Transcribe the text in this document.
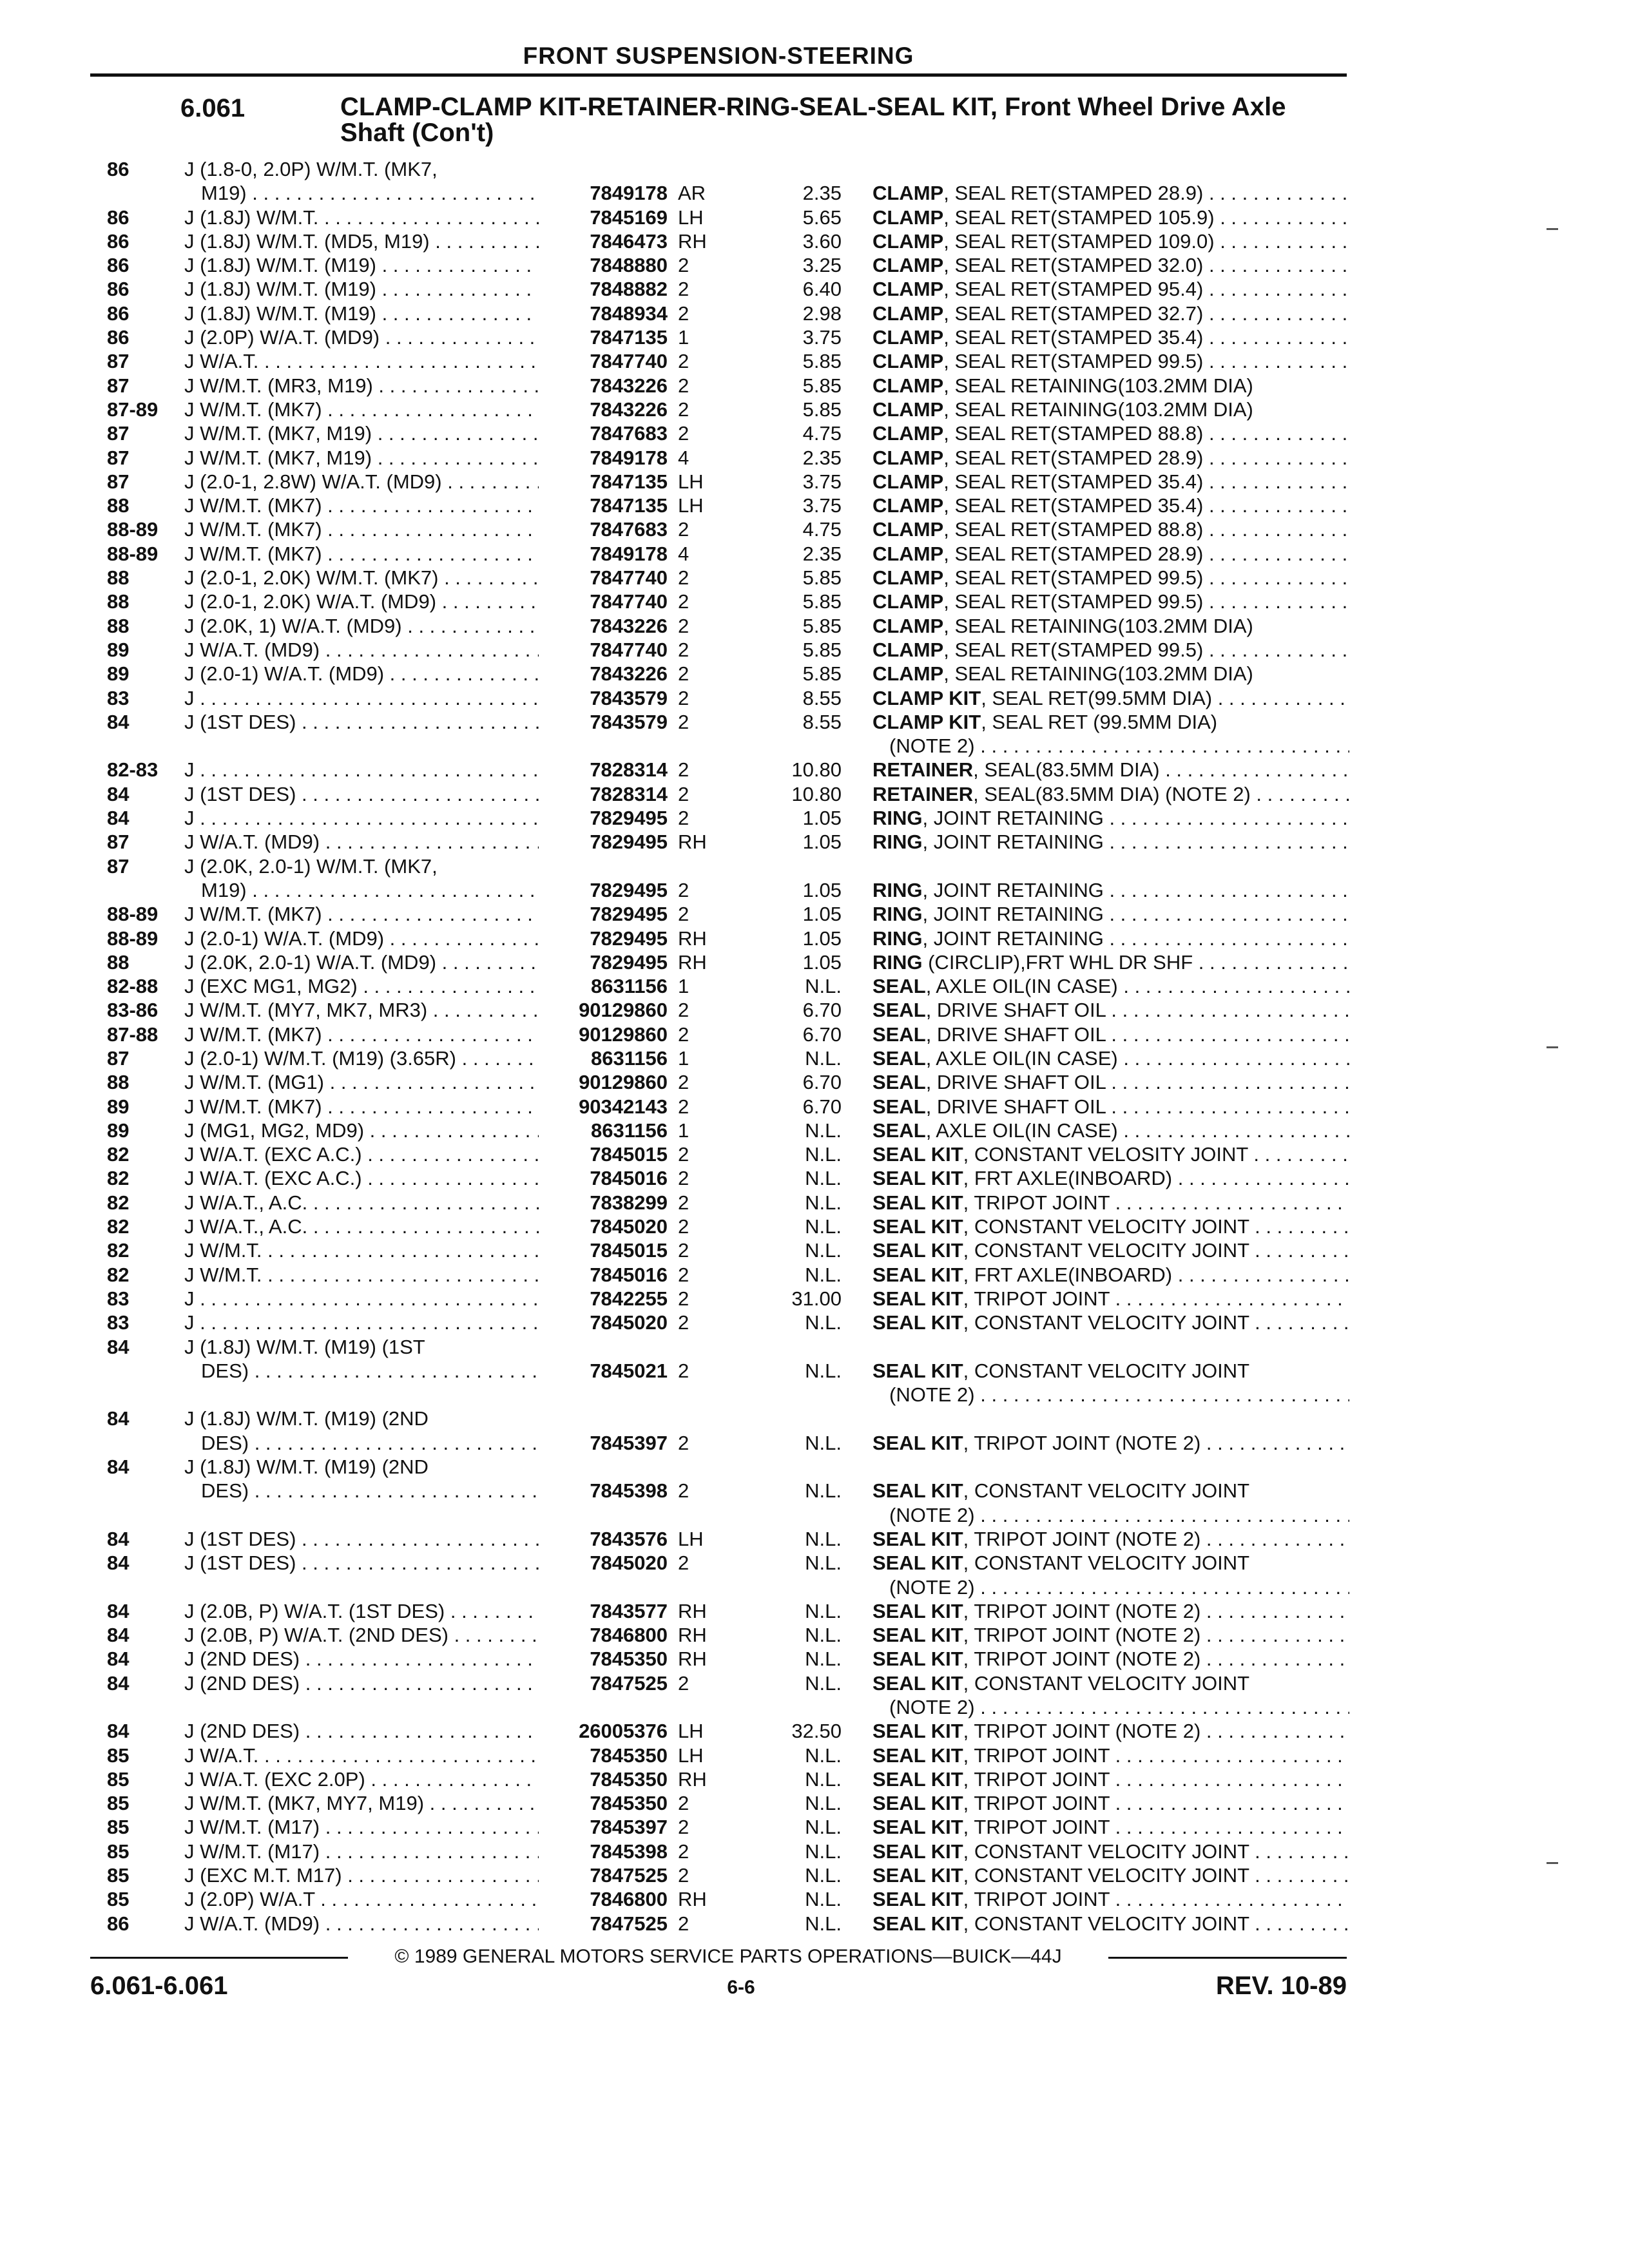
FRONT SUSPENSION-STEERING
6.061	CLAMP-CLAMP KIT-RETAINER-RING-SEAL-SEAL KIT, Front Wheel Drive Axle Shaft (Con't)
86	J (1.8-0, 2.0P) W/M.T. (MK7,
M19) . . .	7849178 AR	2.35 CLAMP, SEAL RET(STAMPED 28.9) . . .
86	J (1.8J) W/M.T. . . .	7845169 LH	5.65 CLAMP, SEAL RET(STAMPED 105.9) . . .
86	J (1.8J) W/M.T. (MD5, M19) . . .	7846473 RH	3.60 CLAMP, SEAL RET(STAMPED 109.0) . . .
86	J (1.8J) W/M.T. (M19) . . .	7848880 2	3.25 CLAMP, SEAL RET(STAMPED 32.0) . . .
86	J (1.8J) W/M.T. (M19) . . .	7848882 2	6.40 CLAMP, SEAL RET(STAMPED 95.4) . . .
86	J (1.8J) W/M.T. (M19) . . .	7848934 2	2.98 CLAMP, SEAL RET(STAMPED 32.7) . . .
86	J (2.0P) W/A.T. (MD9) . . .	7847135 1	3.75 CLAMP, SEAL RET(STAMPED 35.4) . . .
87	J W/A.T. . . .	7847740 2	5.85 CLAMP, SEAL RET(STAMPED 99.5) . . .
87	J W/M.T. (MR3, M19) . . .	7843226 2	5.85 CLAMP, SEAL RETAINING(103.2MM DIA)
87-89	J W/M.T. (MK7) . . .	7843226 2	5.85 CLAMP, SEAL RETAINING(103.2MM DIA)
87	J W/M.T. (MK7, M19) . . .	7847683 2	4.75 CLAMP, SEAL RET(STAMPED 88.8) . . .
87	J W/M.T. (MK7, M19) . . .	7849178 4	2.35 CLAMP, SEAL RET(STAMPED 28.9) . . .
87	J (2.0-1, 2.8W) W/A.T. (MD9) . . .	7847135 LH	3.75 CLAMP, SEAL RET(STAMPED 35.4) . . .
88	J W/M.T. (MK7) . . .	7847135 LH	3.75 CLAMP, SEAL RET(STAMPED 35.4) . . .
88-89	J W/M.T. (MK7) . . .	7847683 2	4.75 CLAMP, SEAL RET(STAMPED 88.8) . . .
88-89	J W/M.T. (MK7) . . .	7849178 4	2.35 CLAMP, SEAL RET(STAMPED 28.9) . . .
88	J (2.0-1, 2.0K) W/M.T. (MK7) . . .	7847740 2	5.85 CLAMP, SEAL RET(STAMPED 99.5) . . .
88	J (2.0-1, 2.0K) W/A.T. (MD9) . . .	7847740 2	5.85 CLAMP, SEAL RET(STAMPED 99.5) . . .
88	J (2.0K, 1) W/A.T. (MD9) . . .	7843226 2	5.85 CLAMP, SEAL RETAINING(103.2MM DIA)
89	J W/A.T. (MD9) . . .	7847740 2	5.85 CLAMP, SEAL RET(STAMPED 99.5) . . .
89	J (2.0-1) W/A.T. (MD9) . . .	7843226 2	5.85 CLAMP, SEAL RETAINING(103.2MM DIA)
83	J . . .	7843579 2	8.55 CLAMP KIT, SEAL RET(99.5MM DIA) . . .
84	J (1ST DES) . . .	7843579 2	8.55 CLAMP KIT, SEAL RET (99.5MM DIA)
(NOTE 2) . . .
82-83	J . . .	7828314 2	10.80 RETAINER, SEAL(83.5MM DIA) . . .
84	J (1ST DES) . . .	7828314 2	10.80 RETAINER, SEAL(83.5MM DIA) (NOTE 2) . . .
84	J . . .	7829495 2	1.05 RING, JOINT RETAINING . . .
87	J W/A.T. (MD9) . . .	7829495 RH	1.05 RING, JOINT RETAINING . . .
87	J (2.0K, 2.0-1) W/M.T. (MK7,
M19) . . .	7829495 2	1.05 RING, JOINT RETAINING . . .
88-89	J W/M.T. (MK7) . . .	7829495 2	1.05 RING, JOINT RETAINING . . .
88-89	J (2.0-1) W/A.T. (MD9) . . .	7829495 RH	1.05 RING, JOINT RETAINING . . .
88	J (2.0K, 2.0-1) W/A.T. (MD9) . . .	7829495 RH	1.05 RING (CIRCLIP),FRT WHL DR SHF . . .
82-88	J (EXC MG1, MG2) . . .	8631156 1	N.L. SEAL, AXLE OIL(IN CASE) . . .
83-86	J W/M.T. (MY7, MK7, MR3) . . .	90129860 2	6.70 SEAL, DRIVE SHAFT OIL . . .
87-88	J W/M.T. (MK7) . . .	90129860 2	6.70 SEAL, DRIVE SHAFT OIL . . .
87	J (2.0-1) W/M.T. (M19) (3.65R) . . .	8631156 1	N.L. SEAL, AXLE OIL(IN CASE) . . .
88	J W/M.T. (MG1) . . .	90129860 2	6.70 SEAL, DRIVE SHAFT OIL . . .
89	J W/M.T. (MK7) . . .	90342143 2	6.70 SEAL, DRIVE SHAFT OIL . . .
89	J (MG1, MG2, MD9) . . .	8631156 1	N.L. SEAL, AXLE OIL(IN CASE) . . .
82	J W/A.T. (EXC A.C.) . . .	7845015 2	N.L. SEAL KIT, CONSTANT VELOSITY JOINT . . .
82	J W/A.T. (EXC A.C.) . . .	7845016 2	N.L. SEAL KIT, FRT AXLE(INBOARD) . . .
82	J W/A.T., A.C. . . .	7838299 2	N.L. SEAL KIT, TRIPOT JOINT . . .
82	J W/A.T., A.C. . . .	7845020 2	N.L. SEAL KIT, CONSTANT VELOCITY JOINT . . .
82	J W/M.T. . . .	7845015 2	N.L. SEAL KIT, CONSTANT VELOCITY JOINT . . .
82	J W/M.T. . . .	7845016 2	N.L. SEAL KIT, FRT AXLE(INBOARD) . . .
83	J . . .	7842255 2	31.00 SEAL KIT, TRIPOT JOINT . . .
83	J . . .	7845020 2	N.L. SEAL KIT, CONSTANT VELOCITY JOINT . . .
84	J (1.8J) W/M.T. (M19) (1ST
DES) . . .	7845021 2	N.L. SEAL KIT, CONSTANT VELOCITY JOINT
(NOTE 2) . . .
84	J (1.8J) W/M.T. (M19) (2ND
DES) . . .	7845397 2	N.L. SEAL KIT, TRIPOT JOINT (NOTE 2) . . .
84	J (1.8J) W/M.T. (M19) (2ND
DES) . . .	7845398 2	N.L. SEAL KIT, CONSTANT VELOCITY JOINT
(NOTE 2) . . .
84	J (1ST DES) . . .	7843576 LH	N.L. SEAL KIT, TRIPOT JOINT (NOTE 2) . . .
84	J (1ST DES) . . .	7845020 2	N.L. SEAL KIT, CONSTANT VELOCITY JOINT
(NOTE 2) . . .
84	J (2.0B, P) W/A.T. (1ST DES) . . .	7843577 RH	N.L. SEAL KIT, TRIPOT JOINT (NOTE 2) . . .
84	J (2.0B, P) W/A.T. (2ND DES) . . .	7846800 RH	N.L. SEAL KIT, TRIPOT JOINT (NOTE 2) . . .
84	J (2ND DES) . . .	7845350 RH	N.L. SEAL KIT, TRIPOT JOINT (NOTE 2) . . .
84	J (2ND DES) . . .	7847525 2	N.L. SEAL KIT, CONSTANT VELOCITY JOINT
(NOTE 2) . . .
84	J (2ND DES) . . .	26005376 LH	32.50 SEAL KIT, TRIPOT JOINT (NOTE 2) . . .
85	J W/A.T. . . .	7845350 LH	N.L. SEAL KIT, TRIPOT JOINT . . .
85	J W/A.T. (EXC 2.0P) . . .	7845350 RH	N.L. SEAL KIT, TRIPOT JOINT . . .
85	J W/M.T. (MK7, MY7, M19) . . .	7845350 2	N.L. SEAL KIT, TRIPOT JOINT . . .
85	J W/M.T. (M17) . . .	7845397 2	N.L. SEAL KIT, TRIPOT JOINT . . .
85	J W/M.T. (M17) . . .	7845398 2	N.L. SEAL KIT, CONSTANT VELOCITY JOINT . . .
85	J (EXC M.T. M17) . . .	7847525 2	N.L. SEAL KIT, CONSTANT VELOCITY JOINT . . .
85	J (2.0P) W/A.T . . .	7846800 RH	N.L. SEAL KIT, TRIPOT JOINT . . .
86	J W/A.T. (MD9) . . .	7847525 2	N.L. SEAL KIT, CONSTANT VELOCITY JOINT . . .
© 1989 GENERAL MOTORS SERVICE PARTS OPERATIONS—BUICK—44J
6.061-6.061	6-6	REV. 10-89
